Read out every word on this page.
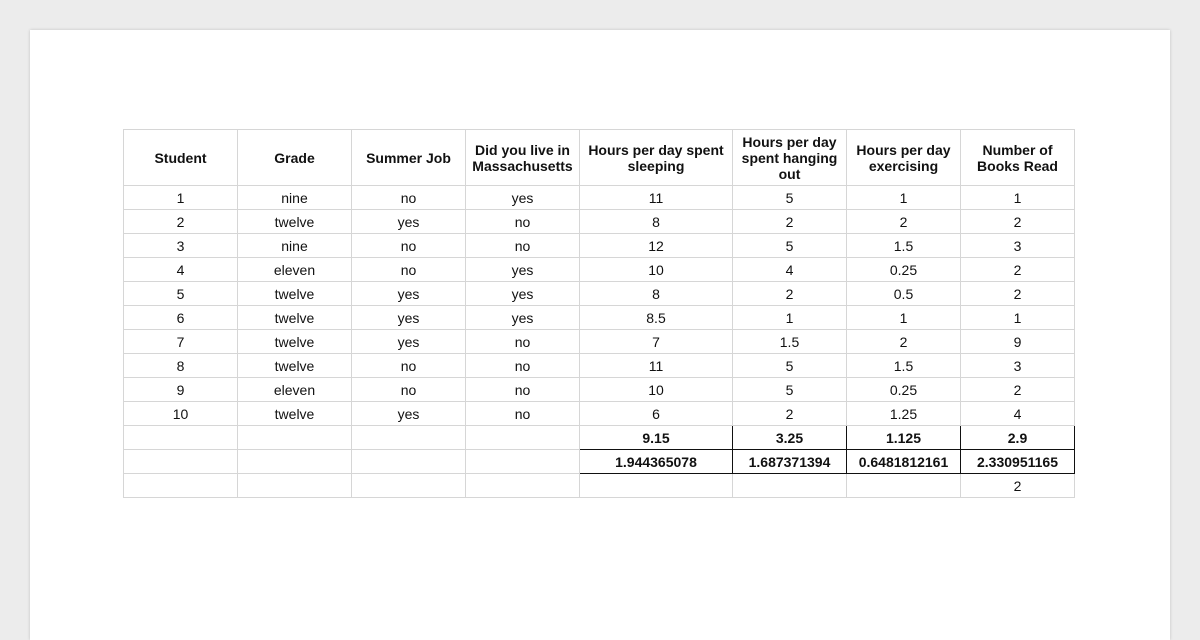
Student	Grade	Summer Job	Did you live in Massachusetts	Hours per day spent sleeping	Hours per day spent hanging out	Hours per day exercising	Number of Books Read
1	nine	no	yes	11	5	1	1
2	twelve	yes	no	8	2	2	2
3	nine	no	no	12	5	1.5	3
4	eleven	no	yes	10	4	0.25	2
5	twelve	yes	yes	8	2	0.5	2
6	twelve	yes	yes	8.5	1	1	1
7	twelve	yes	no	7	1.5	2	9
8	twelve	no	no	11	5	1.5	3
9	eleven	no	no	10	5	0.25	2
10	twelve	yes	no	6	2	1.25	4
				9.15	3.25	1.125	2.9
				1.944365078	1.687371394	0.6481812161	2.330951165
							2
